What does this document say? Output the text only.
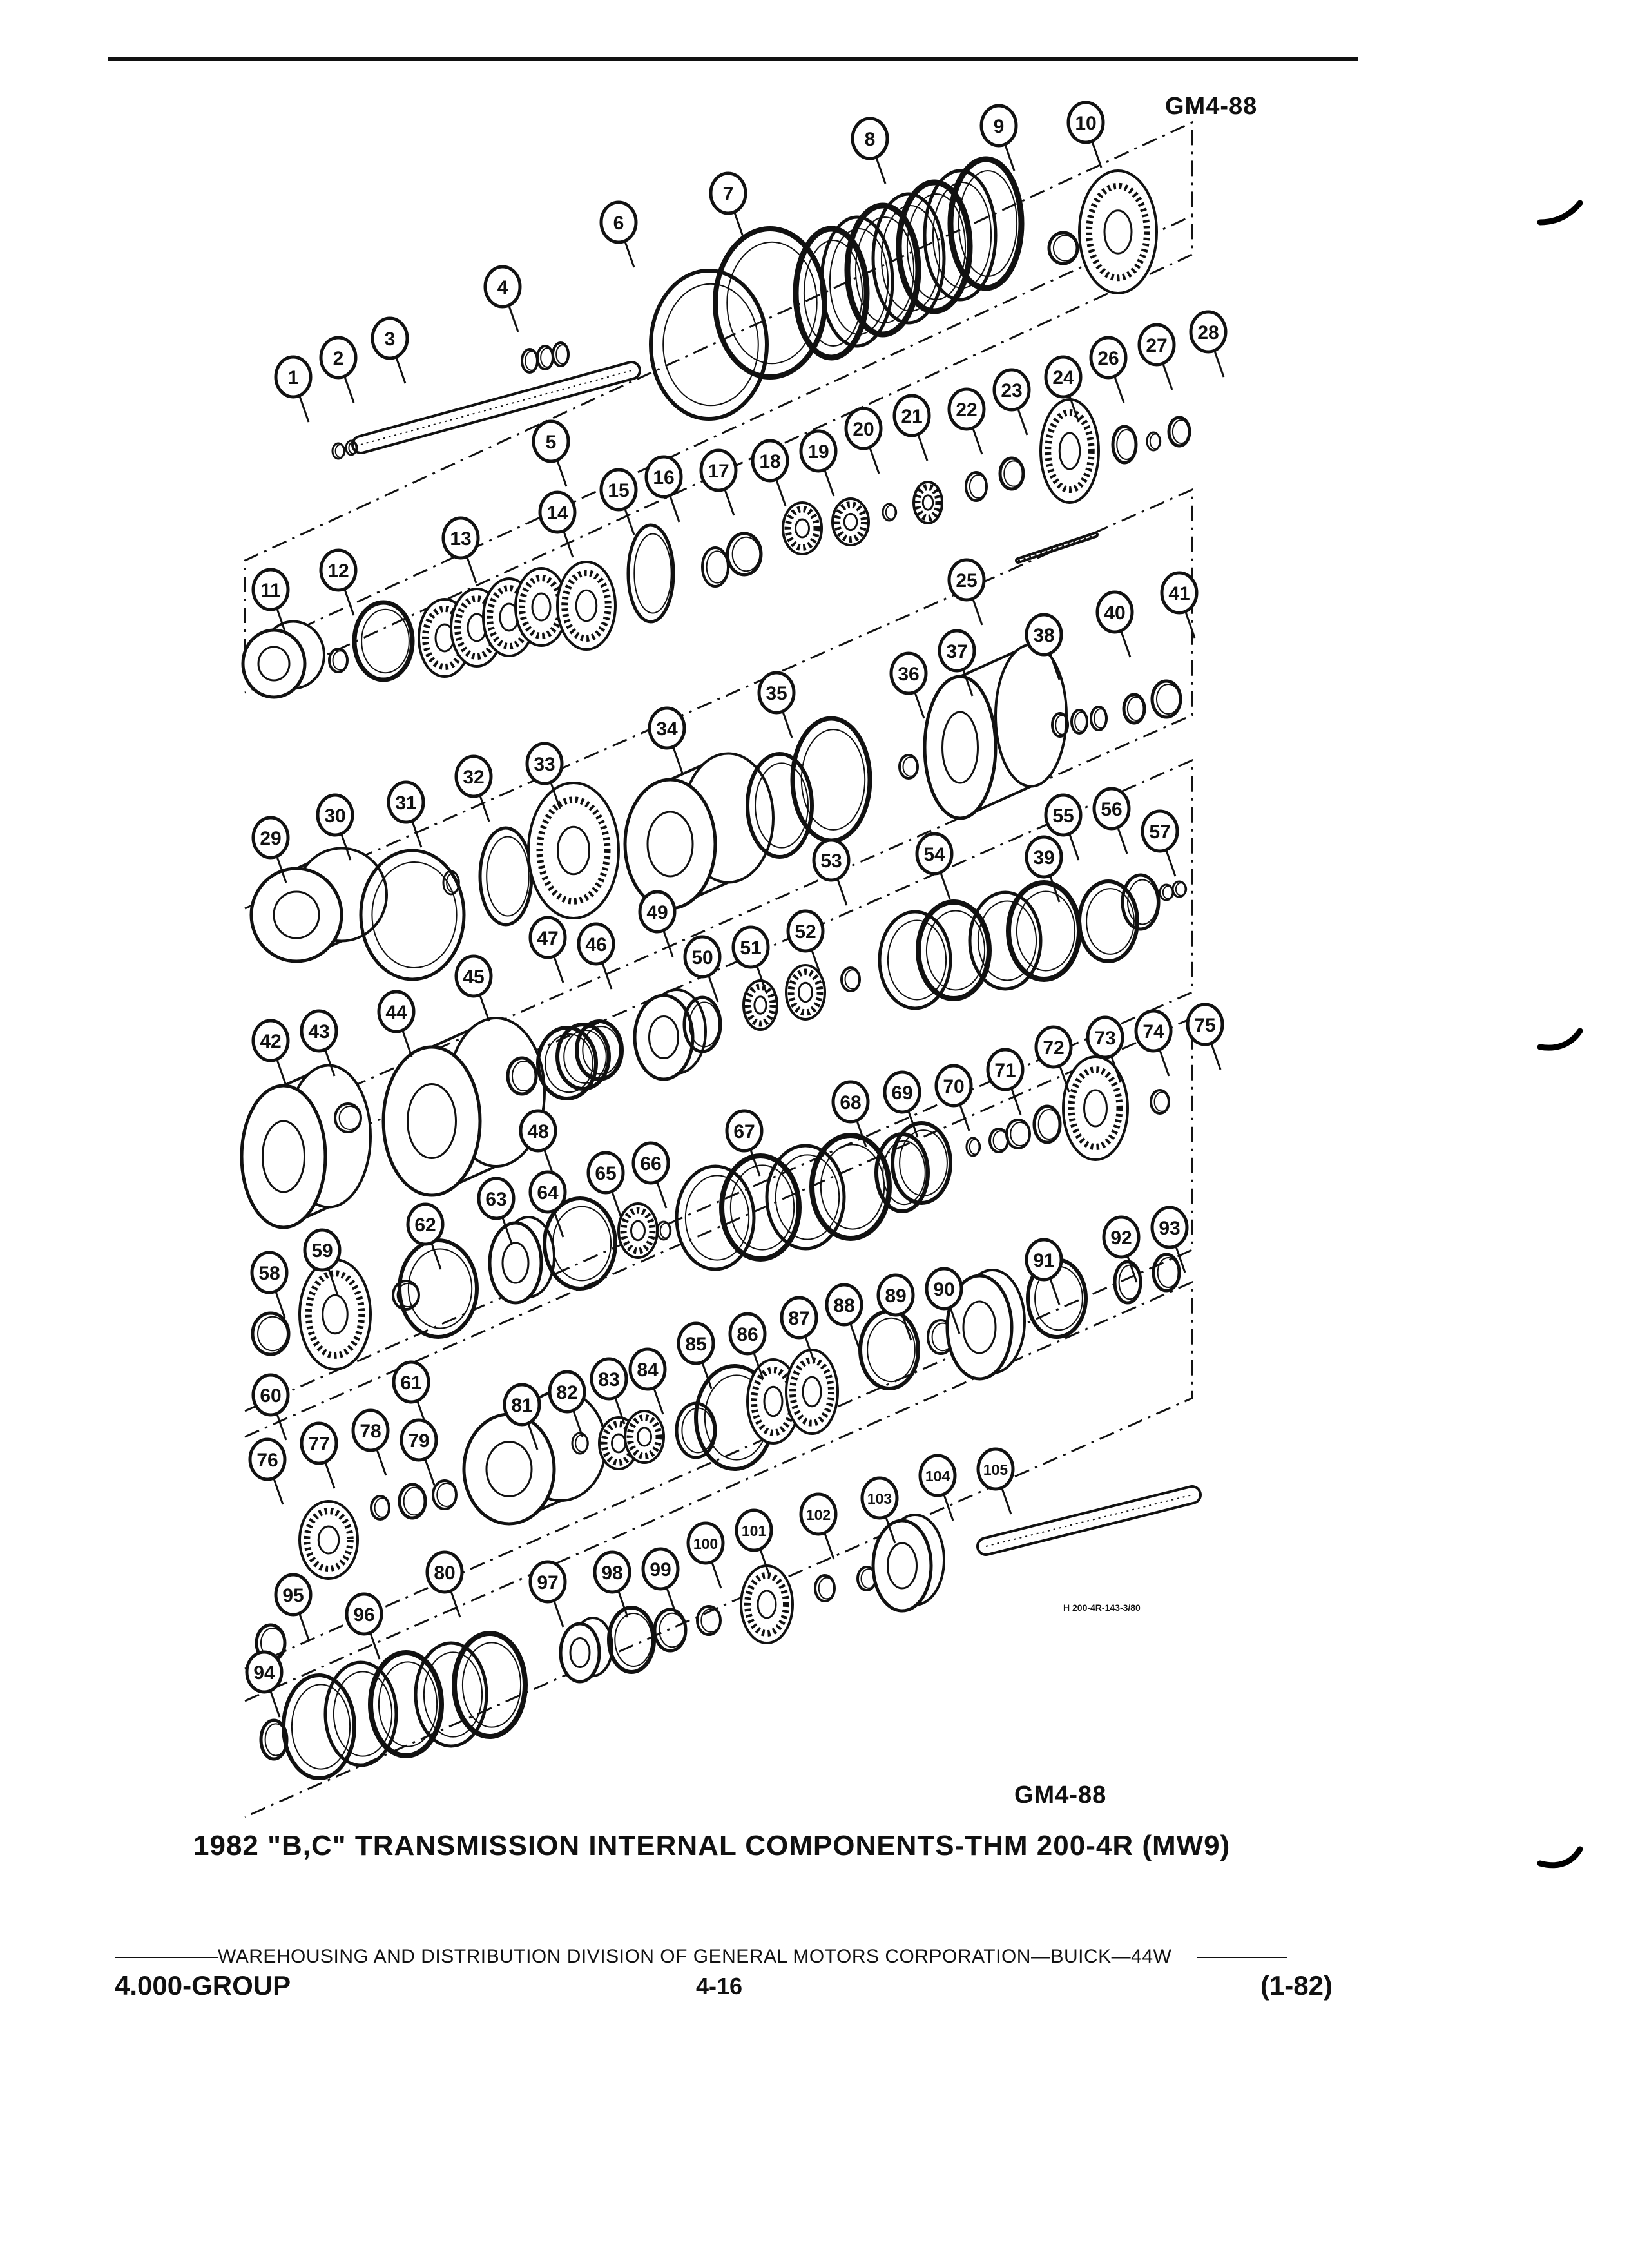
GM4-88
1
2
3
4
5
6
7
8
9	10
11
12
13
14
15
16 17 18 19
20
21 22
23
24
25
26
27
28
29
30
31
32
33
34
35
36
37
38
39
40
41
42 43
44
45
46
47
48
49
50 51
52
53	54
55 56
57
58
59
60
61
62
63 64
65 66
67
68 69 70
71
72 73 74 75
76
77
78 79
80
81
82
83 84
85 86
87
88 89 90
91
92 93
94
95
96
97 98 99
100
101
102
103
104 105
H 200-4R-143-3/80
GM4-88
1982 "B,C" TRANSMISSION INTERNAL COMPONENTS-THM 200-4R (MW9)
WAREHOUSING AND DISTRIBUTION DIVISION OF GENERAL MOTORS CORPORATION—BUICK—44W
4.000-GROUP	4-16	(1-82)
